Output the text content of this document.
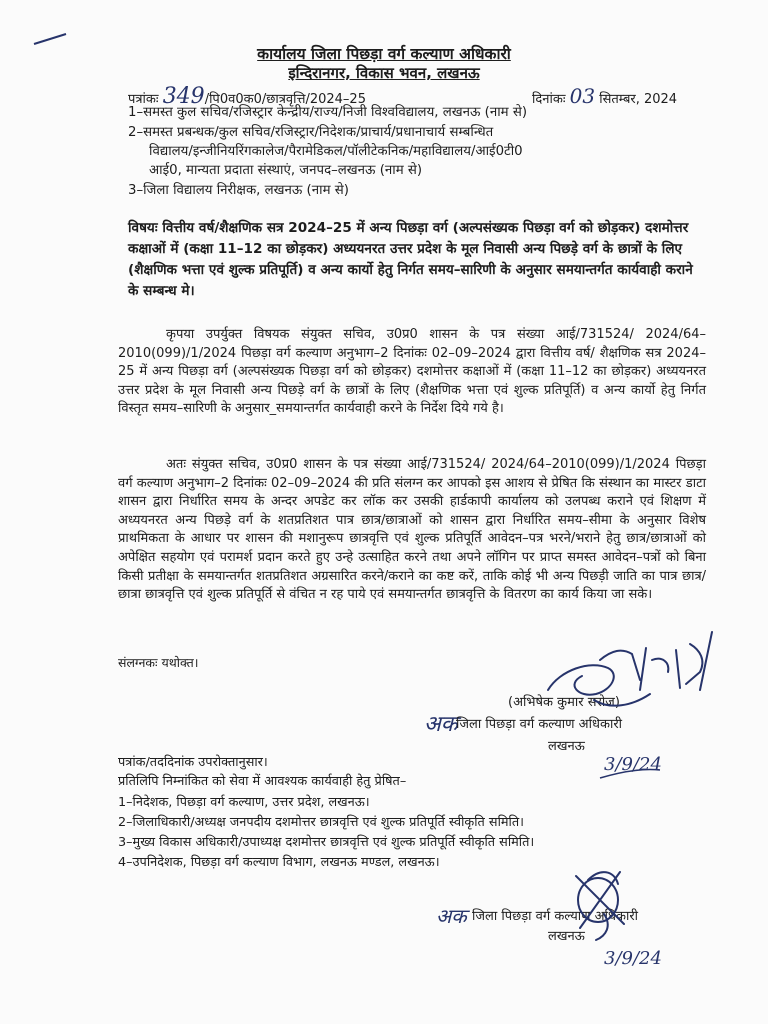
कार्यालय जिला पिछड़ा वर्ग कल्याण अधिकारी
इन्दिरानगर, विकास भवन, लखनऊ
पत्रांकः 349/पि0व0क0/छात्रवृत्ति/2024–25	दिनांकः 03 सितम्बर, 2024
1–समस्त कुल सचिव/रजिस्ट्रार केन्द्रीय/राज्य/निजी विश्वविद्यालय, लखनऊ (नाम से)
2–समस्त प्रबन्धक/कुल सचिव/रजिस्ट्रार/निदेशक/प्राचार्य/प्रधानाचार्य सम्बन्धित
विद्यालय/इन्जीनियरिंगकालेज/पैरामेडिकल/पॉलीटेकनिक/महाविद्यालय/आई0टी0
आई0, मान्यता प्रदाता संस्थाएं, जनपद–लखनऊ (नाम से)
3–जिला विद्यालय निरीक्षक, लखनऊ (नाम से)
विषयः वित्तीय वर्ष/शैक्षणिक सत्र 2024–25 में अन्य पिछड़ा वर्ग (अल्पसंख्यक पिछड़ा वर्ग को छोड़कर) दशमोत्तर कक्षाओं में (कक्षा 11–12 का छोड़कर) अध्ययनरत उत्तर प्रदेश के मूल निवासी अन्य पिछड़े वर्ग के छात्रों के लिए (शैक्षणिक भत्ता एवं शुल्क प्रतिपूर्ति) व अन्य कार्यो हेतु निर्गत समय–सारिणी के अनुसार समयान्तर्गत कार्यवाही कराने के सम्बन्ध मे।
कृपया उपर्युक्त विषयक संयुक्त सचिव, उ0प्र0 शासन के पत्र संख्या आई/731524/ 2024/64–2010(099)/1/2024 पिछड़ा वर्ग कल्याण अनुभाग–2 दिनांकः 02–09–2024 द्वारा वित्तीय वर्ष/ शैक्षणिक सत्र 2024–25 में अन्य पिछड़ा वर्ग (अल्पसंख्यक पिछड़ा वर्ग को छोड़कर) दशमोत्तर कक्षाओं में (कक्षा 11–12 का छोड़कर) अध्ययनरत उत्तर प्रदेश के मूल निवासी अन्य पिछड़े वर्ग के छात्रों के लिए (शैक्षणिक भत्ता एवं शुल्क प्रतिपूर्ति) व अन्य कार्यो हेतु निर्गत विस्तृत समय–सारिणी के अनुसार_समयान्तर्गत कार्यवाही करने के निर्देश दिये गये है।
अतः संयुक्त सचिव, उ0प्र0 शासन के पत्र संख्या आई/731524/ 2024/64–2010(099)/1/2024 पिछड़ा वर्ग कल्याण अनुभाग–2 दिनांकः 02–09–2024 की प्रति संलग्न कर आपको इस आशय से प्रेषित कि संस्थान का मास्टर डाटा शासन द्वारा निर्धारित समय के अन्दर अपडेट कर लॉक कर उसकी हार्डकापी कार्यालय को उलपब्ध कराने एवं शिक्षण में अध्ययनरत अन्य पिछड़े वर्ग के शतप्रतिशत पात्र छात्र/छात्राओं को शासन द्वारा निर्धारित समय–सीमा के अनुसार विशेष प्राथमिकता के आधार पर शासन की मशानुरूप छात्रवृत्ति एवं शुल्क प्रतिपूर्ति आवेदन–पत्र भरने/भराने हेतु छात्र/छात्राओं को अपेक्षित सहयोग एवं परामर्श प्रदान करते हुए उन्हे उत्साहित करने तथा अपने लॉगिन पर प्राप्त समस्त आवेदन–पत्रों को बिना किसी प्रतीक्षा के समयान्तर्गत शतप्रतिशत अग्रसारित करने/कराने का कष्ट करें, ताकि कोई भी अन्य पिछड़ी जाति का पात्र छात्र/छात्रा छात्रवृत्ति एवं शुल्क प्रतिपूर्ति से वंचित न रह पाये एवं समयान्तर्गत छात्रवृत्ति के वितरण का कार्य किया जा सके।
संलग्नकः यथोक्त।
(अभिषेक कुमार सरोज)
अक
जिला पिछड़ा वर्ग कल्याण अधिकारी
लखनऊ
3/9/24
पत्रांक/तददिनांक उपरोक्तानुसार।
प्रतिलिपि निम्नांकित को सेवा में आवश्यक कार्यवाही हेतु प्रेषित–
1–निदेशक, पिछड़ा वर्ग कल्याण, उत्तर प्रदेश, लखनऊ।
2–जिलाधिकारी/अध्यक्ष जनपदीय दशमोत्तर छात्रवृत्ति एवं शुल्क प्रतिपूर्ति स्वीकृति समिति।
3–मुख्य विकास अधिकारी/उपाध्यक्ष दशमोत्तर छात्रवृत्ति एवं शुल्क प्रतिपूर्ति स्वीकृति समिति।
4–उपनिदेशक, पिछड़ा वर्ग कल्याण विभाग, लखनऊ मण्डल, लखनऊ।
अक जिला पिछड़ा वर्ग कल्याण अधिकारी
लखनऊ
3/9/24
